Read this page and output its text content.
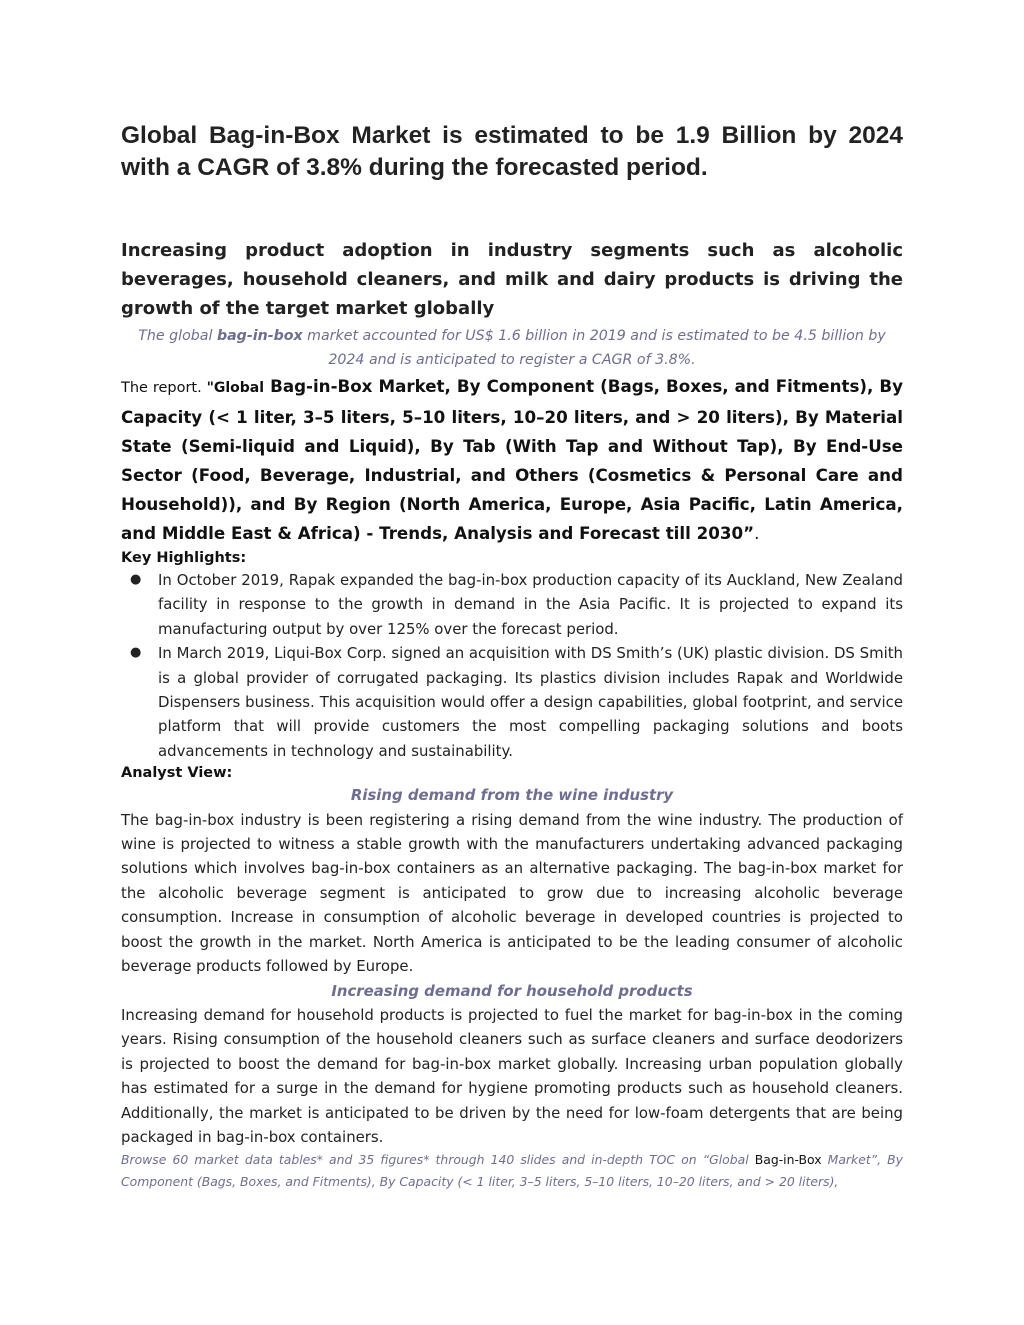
Global Bag-in-Box Market is estimated to be 1.9 Billion by 2024 with a CAGR of 3.8% during the forecasted period.
Increasing product adoption in industry segments such as alcoholic beverages, household cleaners, and milk and dairy products is driving the growth of the target market globally

The global bag-in-box market accounted for US$ 1.6 billion in 2019 and is estimated to be 4.5 billion by 2024 and is anticipated to register a CAGR of 3.8%.

The report. "Global Bag-in-Box Market, By Component (Bags, Boxes, and Fitments), By Capacity (< 1 liter, 3–5 liters, 5–10 liters, 10–20 liters, and > 20 liters), By Material State (Semi-liquid and Liquid), By Tab (With Tap and Without Tap), By End-Use Sector (Food, Beverage, Industrial, and Others (Cosmetics & Personal Care and Household)), and By Region (North America, Europe, Asia Pacific, Latin America, and Middle East & Africa) - Trends, Analysis and Forecast till 2030”.

Key Highlights:

● In October 2019, Rapak expanded the bag-in-box production capacity of its Auckland, New Zealand facility in response to the growth in demand in the Asia Pacific. It is projected to expand its manufacturing output by over 125% over the forecast period.
● In March 2019, Liqui-Box Corp. signed an acquisition with DS Smith’s (UK) plastic division. DS Smith is a global provider of corrugated packaging. Its plastics division includes Rapak and Worldwide Dispensers business. This acquisition would offer a design capabilities, global footprint, and service platform that will provide customers the most compelling packaging solutions and boots advancements in technology and sustainability.

Analyst View:

Rising demand from the wine industry

The bag-in-box industry is been registering a rising demand from the wine industry. The production of wine is projected to witness a stable growth with the manufacturers undertaking advanced packaging solutions which involves bag-in-box containers as an alternative packaging. The bag-in-box market for the alcoholic beverage segment is anticipated to grow due to increasing alcoholic beverage consumption. Increase in consumption of alcoholic beverage in developed countries is projected to boost the growth in the market. North America is anticipated to be the leading consumer of alcoholic beverage products followed by Europe.

Increasing demand for household products

Increasing demand for household products is projected to fuel the market for bag-in-box in the coming years. Rising consumption of the household cleaners such as surface cleaners and surface deodorizers is projected to boost the demand for bag-in-box market globally. Increasing urban population globally has estimated for a surge in the demand for hygiene promoting products such as household cleaners. Additionally, the market is anticipated to be driven by the need for low-foam detergents that are being packaged in bag-in-box containers.

Browse 60 market data tables* and 35 figures* through 140 slides and in-depth TOC on “Global Bag-in-Box Market”, By Component (Bags, Boxes, and Fitments), By Capacity (< 1 liter, 3–5 liters, 5–10 liters, 10–20 liters, and > 20 liters),
